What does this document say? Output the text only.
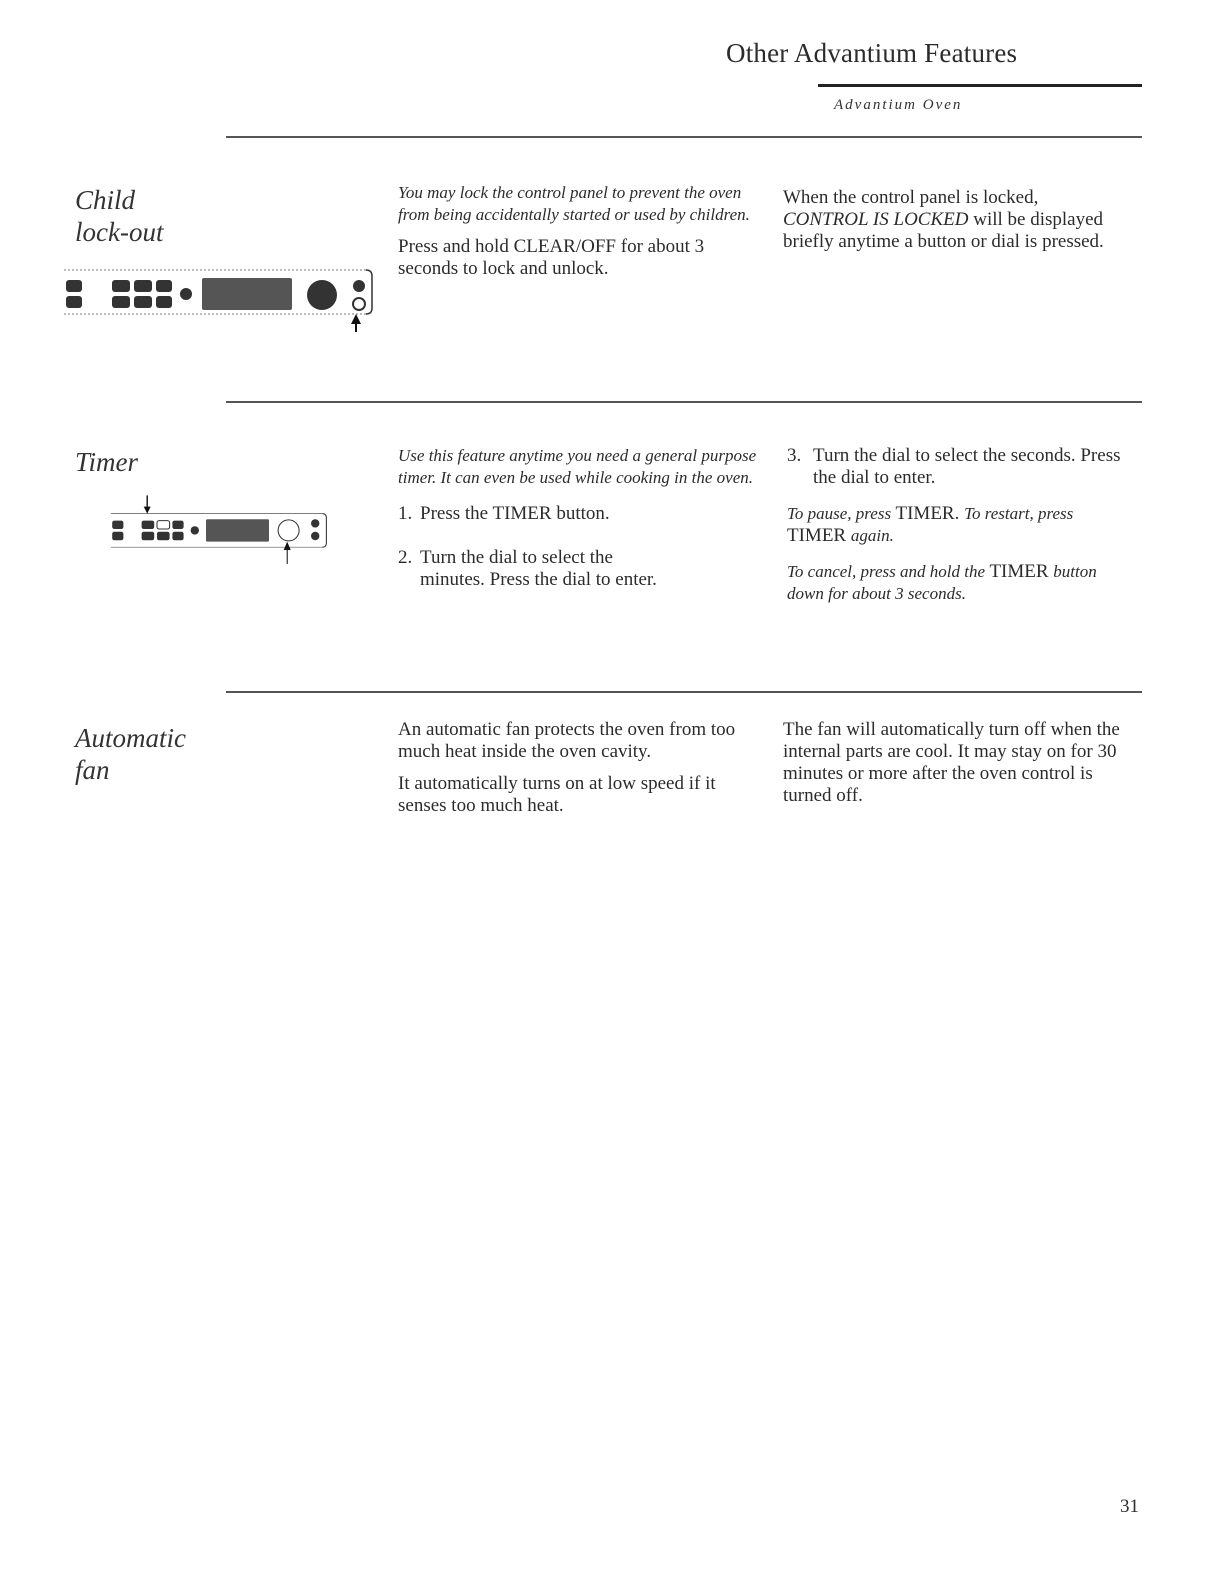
Other Advantium Features
Advantium Oven
Child
lock-out

You may lock the control panel to prevent the oven from being accidentally started or used by children.

Press and hold CLEAR/OFF for about 3 seconds to lock and unlock.

When the control panel is locked, CONTROL IS LOCKED will be displayed briefly anytime a button or dial is pressed.

Timer	Use this feature anytime you need a general purpose timer. It can even be used while cooking in the oven.

1. Press the TIMER button.
2. Turn the dial to select the minutes. Press the dial to enter.
3. Turn the dial to select the seconds. Press the dial to enter.

To pause, press TIMER. To restart, press TIMER again.

To cancel, press and hold the TIMER button down for about 3 seconds.

Automatic
fan

An automatic fan protects the oven from too much heat inside the oven cavity.

It automatically turns on at low speed if it senses too much heat.

The fan will automatically turn off when the internal parts are cool. It may stay on for 30 minutes or more after the oven control is turned off.

31
